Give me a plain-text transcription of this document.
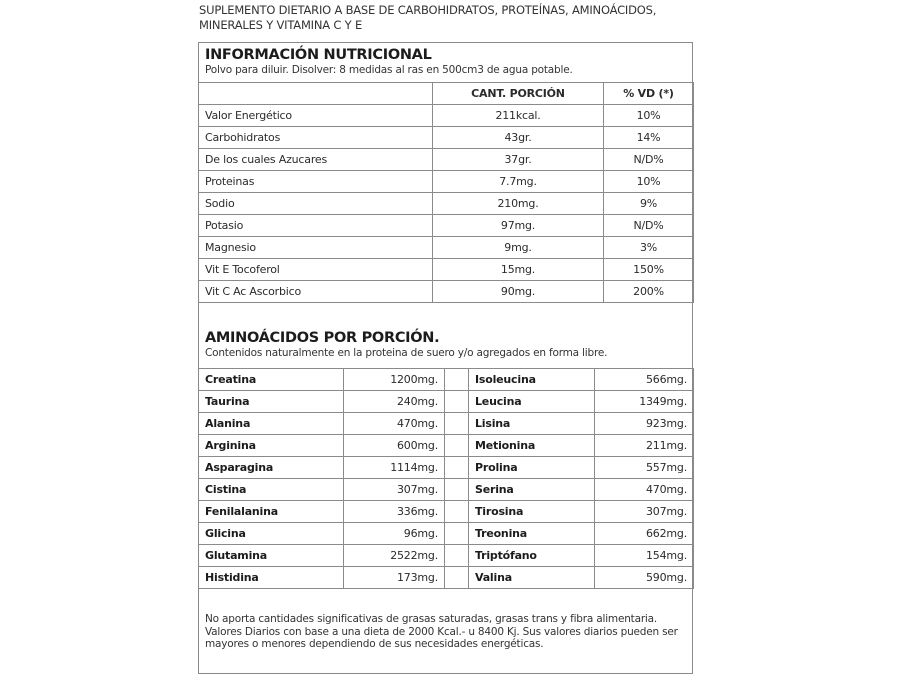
SUPLEMENTO DIETARIO A BASE DE CARBOHIDRATOS, PROTEÍNAS, AMINOÁCIDOS, MINERALES Y VITAMINA C Y E
INFORMACIÓN NUTRICIONAL
Polvo para diluir. Disolver: 8 medidas al ras en 500cm3 de agua potable.
	CANT. PORCIÓN	% VD (*)
Valor Energético	211kcal.	10%
Carbohidratos	43gr.	14%
De los cuales Azucares	37gr.	N/D%
Proteinas	7.7mg.	10%
Sodio	210mg.	9%
Potasio	97mg.	N/D%
Magnesio	9mg.	3%
Vit E Tocoferol	15mg.	150%
Vit C Ac Ascorbico	90mg.	200%
AMINOÁCIDOS POR PORCIÓN.
Contenidos naturalmente en la proteina de suero y/o agregados en forma libre.
Creatina	1200mg.		Isoleucina	566mg.
Taurina	240mg.		Leucina	1349mg.
Alanina	470mg.		Lisina	923mg.
Arginina	600mg.		Metionina	211mg.
Asparagina	1114mg.		Prolina	557mg.
Cistina	307mg.		Serina	470mg.
Fenilalanina	336mg.		Tirosina	307mg.
Glicina	96mg.		Treonina	662mg.
Glutamina	2522mg.		Triptófano	154mg.
Histidina	173mg.		Valina	590mg.
No aporta cantidades significativas de grasas saturadas, grasas trans y fibra alimentaria. Valores Diarios con base a una dieta de 2000 Kcal.- u 8400 Kj. Sus valores diarios pueden ser mayores o menores dependiendo de sus necesidades energéticas.
